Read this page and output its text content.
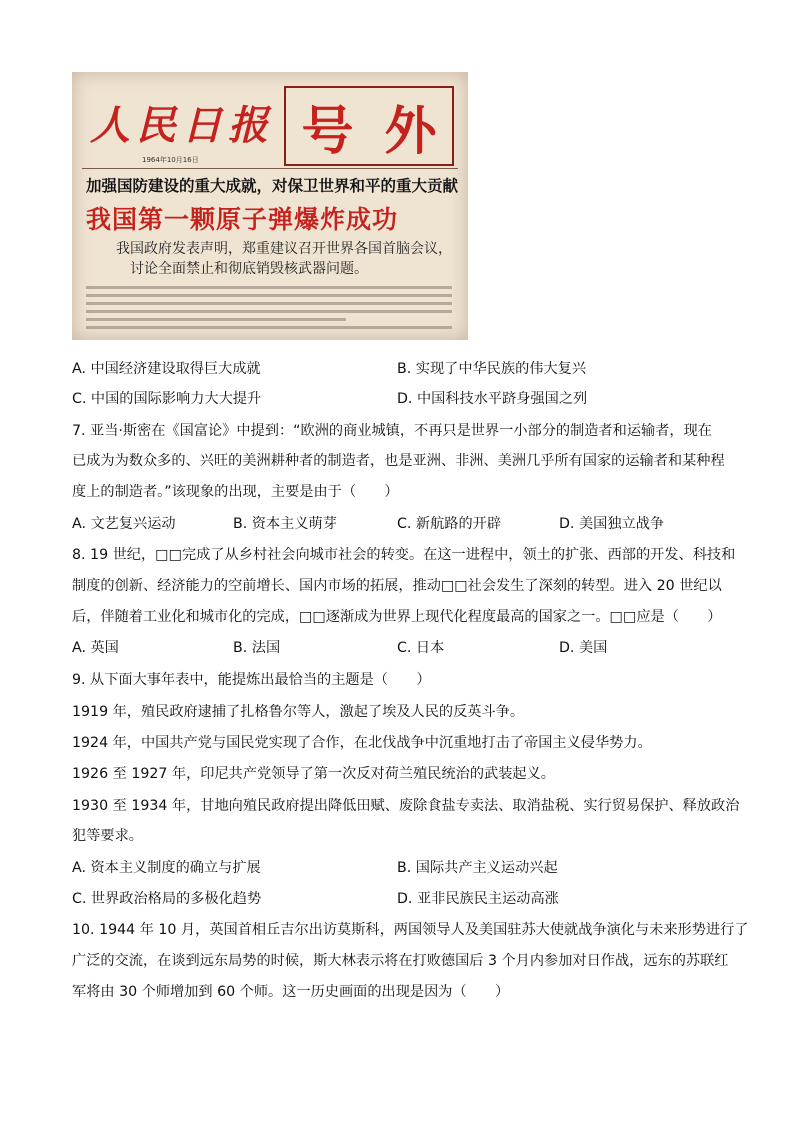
人民日报
1964年10月16日 号 外
加强国防建设的重大成就，对保卫世界和平的重大贡献
我国第一颗原子弹爆炸成功
我国政府发表声明，郑重建议召开世界各国首脑会议，
讨论全面禁止和彻底销毁核武器问题。
A. 中国经济建设取得巨大成就	B. 实现了中华民族的伟大复兴
C. 中国的国际影响力大大提升	D. 中国科技水平跻身强国之列
7. 亚当·斯密在《国富论》中提到：“欧洲的商业城镇，不再只是世界一小部分的制造者和运输者，现在
已成为为数众多的、兴旺的美洲耕种者的制造者，也是亚洲、非洲、美洲几乎所有国家的运输者和某种程
度上的制造者。”该现象的出现，主要是由于（　　）
A. 文艺复兴运动	B. 资本主义萌芽	C. 新航路的开辟	D. 美国独立战争
8. 19 世纪，□□完成了从乡村社会向城市社会的转变。在这一进程中，领土的扩张、西部的开发、科技和
制度的创新、经济能力的空前增长、国内市场的拓展，推动□□社会发生了深刻的转型。进入 20 世纪以
后，伴随着工业化和城市化的完成，□□逐渐成为世界上现代化程度最高的国家之一。□□应是（　　）
A. 英国	B. 法国	C. 日本	D. 美国
9. 从下面大事年表中，能提炼出最恰当的主题是（　　）
1919 年，殖民政府逮捕了扎格鲁尔等人，激起了埃及人民的反英斗争。
1924 年，中国共产党与国民党实现了合作，在北伐战争中沉重地打击了帝国主义侵华势力。
1926 至 1927 年，印尼共产党领导了第一次反对荷兰殖民统治的武装起义。
1930 至 1934 年，甘地向殖民政府提出降低田赋、废除食盐专卖法、取消盐税、实行贸易保护、释放政治
犯等要求。
A. 资本主义制度的确立与扩展	B. 国际共产主义运动兴起
C. 世界政治格局的多极化趋势	D. 亚非民族民主运动高涨
10. 1944 年 10 月，英国首相丘吉尔出访莫斯科，两国领导人及美国驻苏大使就战争演化与未来形势进行了
广泛的交流，在谈到远东局势的时候，斯大林表示将在打败德国后 3 个月内参加对日作战，远东的苏联红
军将由 30 个师增加到 60 个师。这一历史画面的出现是因为（　　）
